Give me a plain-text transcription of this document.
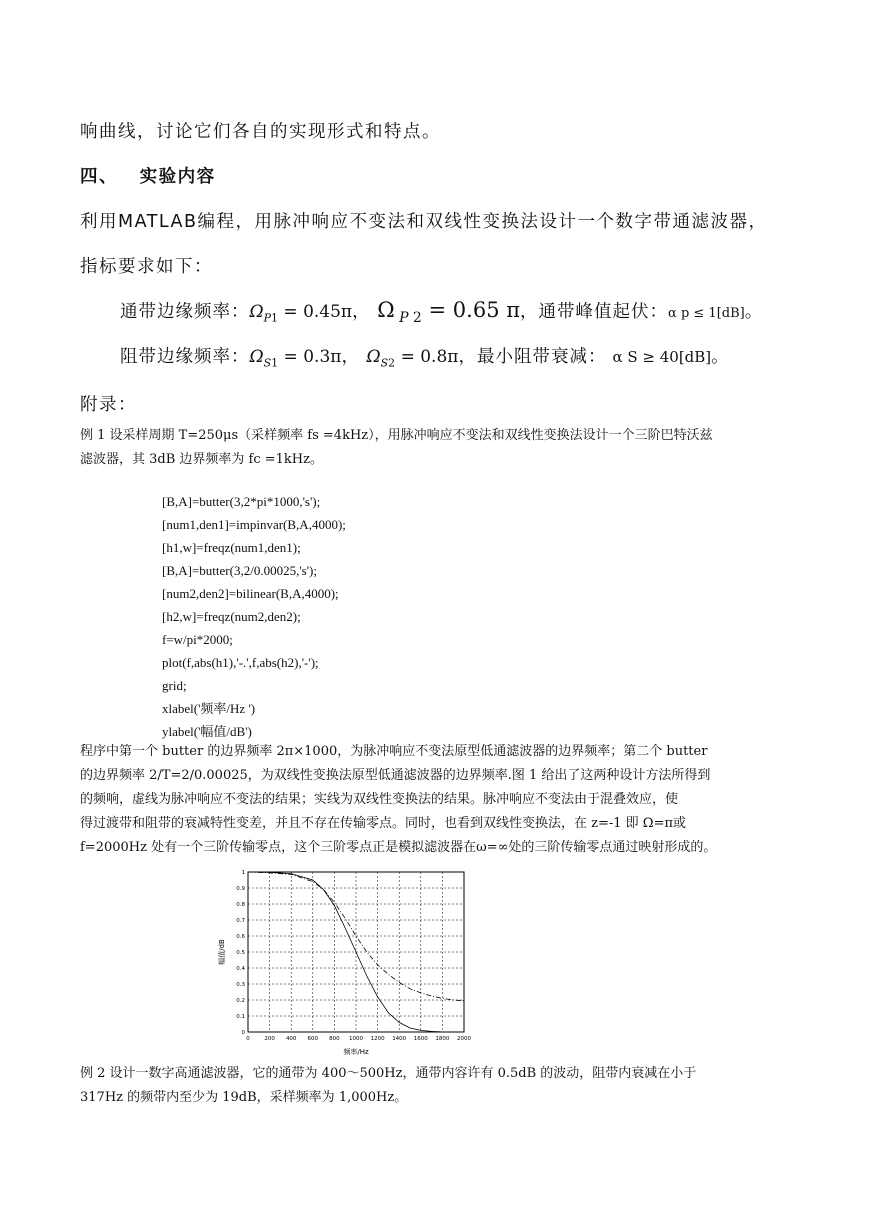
响曲线，讨论它们各自的实现形式和特点。
四、 实验内容
利用MATLAB编程，用脉冲响应不变法和双线性变换法设计一个数字带通滤波器，
指标要求如下：
通带边缘频率：$\Omega_{P1} = 0.45\pi$， Ω $_{P 2}$ = 0.65 π，通带峰值起伏：α p ≤ 1[dB]。
阻带边缘频率：$\Omega_{S1} = 0.3\pi$， $\Omega_{S2} = 0.8\pi$，最小阻带衰减： α S ≥ 40[dB]。
附录：
例 1 设采样周期 T=250μs（采样频率 fs =4kHz），用脉冲响应不变法和双线性变换法设计一个三阶巴特沃兹
滤波器，其 3dB 边界频率为 fc =1kHz。
[B,A]=butter(3,2*pi*1000,'s');
[num1,den1]=impinvar(B,A,4000);
[h1,w]=freqz(num1,den1);
[B,A]=butter(3,2/0.00025,'s');
[num2,den2]=bilinear(B,A,4000);
[h2,w]=freqz(num2,den2);
f=w/pi*2000;
plot(f,abs(h1),'-.',f,abs(h2),'-');
grid;
xlabel('频率/Hz ')
ylabel('幅值/dB')
程序中第一个 butter 的边界频率 2π×1000，为脉冲响应不变法原型低通滤波器的边界频率；第二个 butter
的边界频率 2/T=2/0.00025，为双线性变换法原型低通滤波器的边界频率.图 1 给出了这两种设计方法所得到
的频响，虚线为脉冲响应不变法的结果；实线为双线性变换法的结果。脉冲响应不变法由于混叠效应，使
得过渡带和阻带的衰减特性变差，并且不存在传输零点。同时，也看到双线性变换法，在 z=-1 即 Ω=π或
f=2000Hz 处有一个三阶传输零点，这个三阶零点正是模拟滤波器在ω=∞处的三阶传输零点通过映射形成的。
0	200 400 600 800 1000 1200 1400 1600 1800 2000
0
0.1
0.2
0.3
0.4
0.5
0.6
0.7
0.8
0.9
1
频率/Hz
幅值/dB
例 2 设计一数字高通滤波器，它的通带为 400～500Hz，通带内容许有 0.5dB 的波动，阻带内衰减在小于
317Hz 的频带内至少为 19dB，采样频率为 1,000Hz。
